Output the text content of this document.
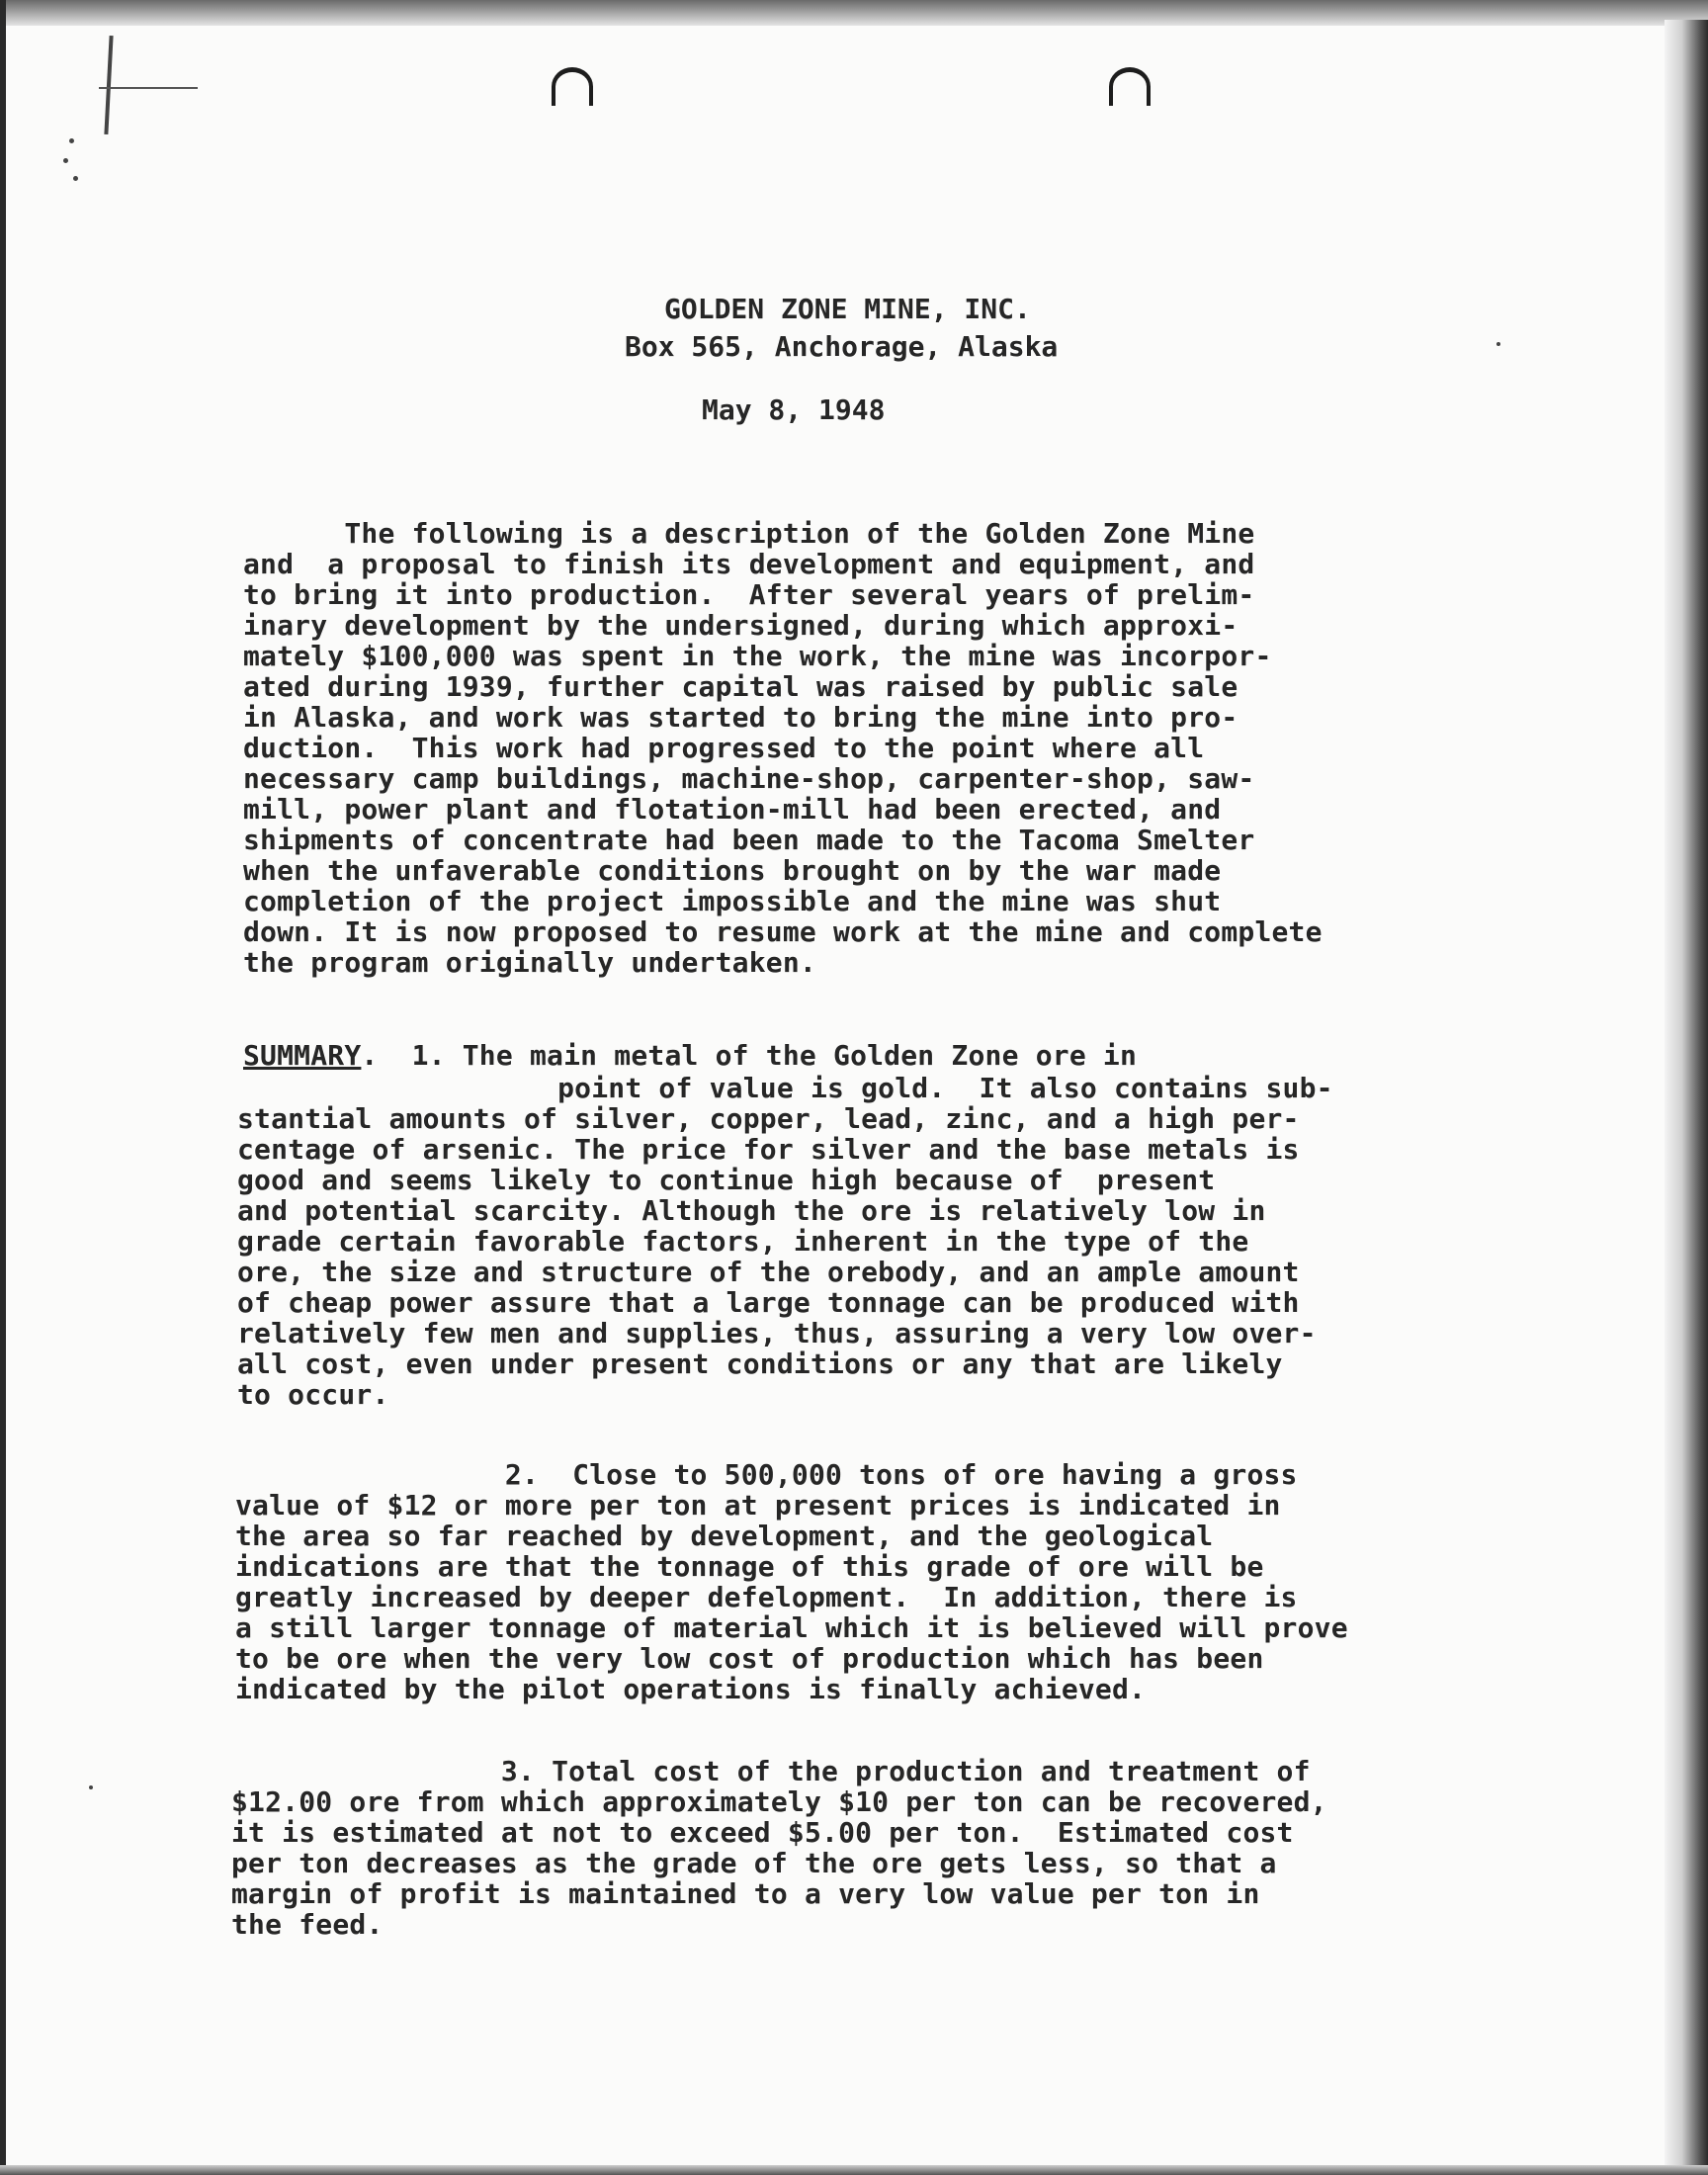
GOLDEN ZONE MINE, INC.
Box 565, Anchorage, Alaska
May 8, 1948
The following is a description of the Golden Zone Mine
and  a proposal to finish its development and equipment, and
to bring it into production.  After several years of prelim-
inary development by the undersigned, during which approxi-
mately $100,000 was spent in the work, the mine was incorpor-
ated during 1939, further capital was raised by public sale
in Alaska, and work was started to bring the mine into pro-
duction.  This work had progressed to the point where all
necessary camp buildings, machine-shop, carpenter-shop, saw-
mill, power plant and flotation-mill had been erected, and
shipments of concentrate had been made to the Tacoma Smelter
when the unfaverable conditions brought on by the war made
completion of the project impossible and the mine was shut
down. It is now proposed to resume work at the mine and complete
the program originally undertaken.
SUMMARY.  1. The main metal of the Golden Zone ore in
point of value is gold.  It also contains sub-
stantial amounts of silver, copper, lead, zinc, and a high per-
centage of arsenic. The price for silver and the base metals is
good and seems likely to continue high because of  present
and potential scarcity. Although the ore is relatively low in
grade certain favorable factors, inherent in the type of the
ore, the size and structure of the orebody, and an ample amount
of cheap power assure that a large tonnage can be produced with
relatively few men and supplies, thus, assuring a very low over-
all cost, even under present conditions or any that are likely
to occur.
2.  Close to 500,000 tons of ore having a gross
value of $12 or more per ton at present prices is indicated in
the area so far reached by development, and the geological
indications are that the tonnage of this grade of ore will be
greatly increased by deeper defelopment.  In addition, there is
a still larger tonnage of material which it is believed will prove
to be ore when the very low cost of production which has been
indicated by the pilot operations is finally achieved.
3. Total cost of the production and treatment of
$12.00 ore from which approximately $10 per ton can be recovered,
it is estimated at not to exceed $5.00 per ton.  Estimated cost
per ton decreases as the grade of the ore gets less, so that a
margin of profit is maintained to a very low value per ton in
the feed.
